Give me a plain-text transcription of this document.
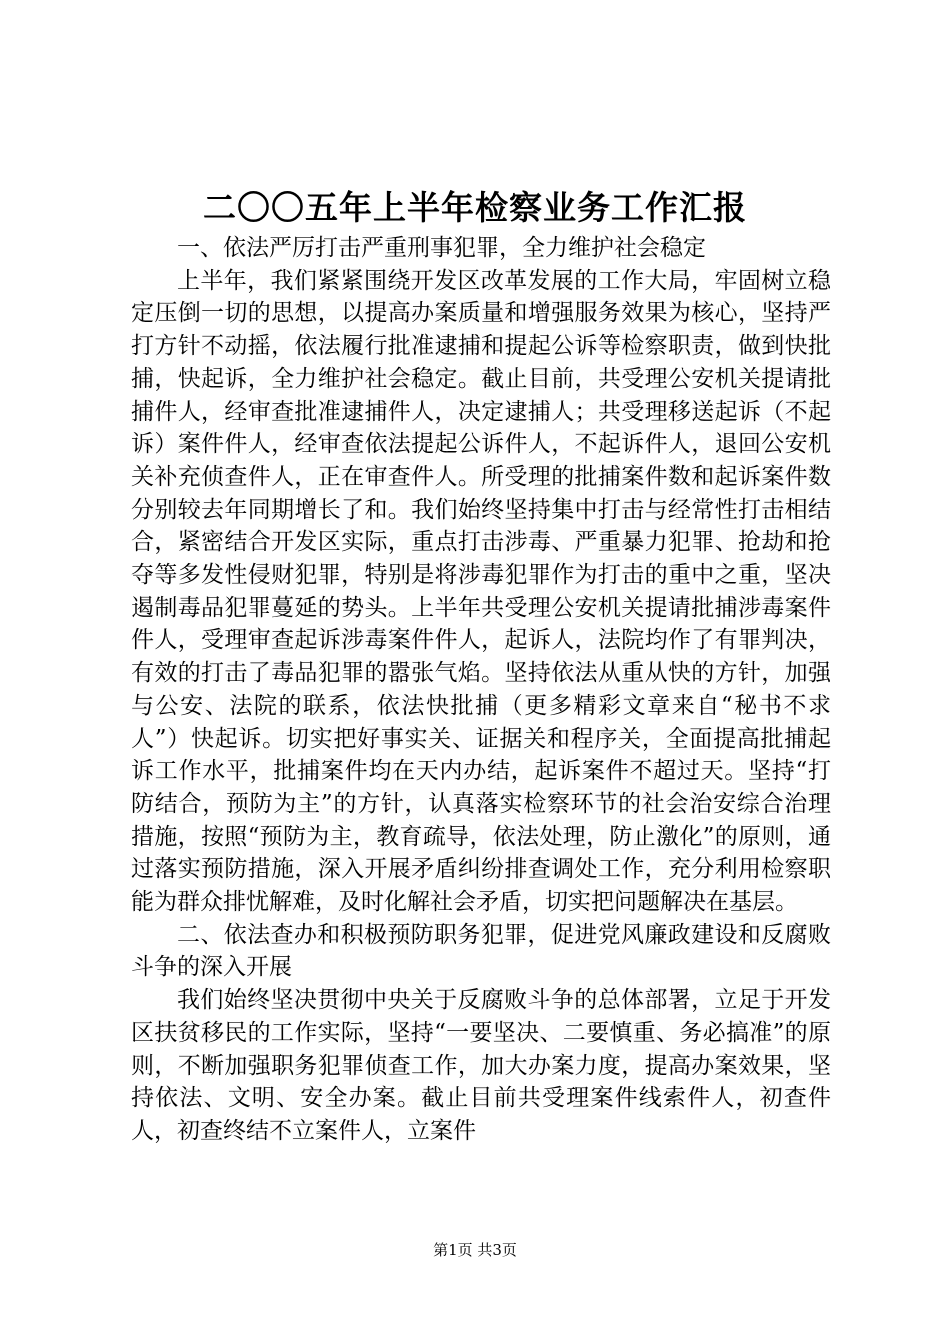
二〇〇五年上半年检察业务工作汇报

一、依法严厉打击严重刑事犯罪，全力维护社会稳定

上半年，我们紧紧围绕开发区改革发展的工作大局，牢固树立稳定压倒一切的思想，以提高办案质量和增强服务效果为核心，坚持严打方针不动摇，依法履行批准逮捕和提起公诉等检察职责，做到快批捕，快起诉，全力维护社会稳定。截止目前，共受理公安机关提请批捕件人，经审查批准逮捕件人，决定逮捕人；共受理移送起诉（不起诉）案件件人，经审查依法提起公诉件人，不起诉件人，退回公安机关补充侦查件人，正在审查件人。所受理的批捕案件数和起诉案件数分别较去年同期增长了和。我们始终坚持集中打击与经常性打击相结合，紧密结合开发区实际，重点打击涉毒、严重暴力犯罪、抢劫和抢夺等多发性侵财犯罪，特别是将涉毒犯罪作为打击的重中之重，坚决遏制毒品犯罪蔓延的势头。上半年共受理公安机关提请批捕涉毒案件件人，受理审查起诉涉毒案件件人，起诉人，法院均作了有罪判决，有效的打击了毒品犯罪的嚣张气焰。坚持依法从重从快的方针，加强与公安、法院的联系，依法快批捕（更多精彩文章来自“秘书不求人”）快起诉。切实把好事实关、证据关和程序关，全面提高批捕起诉工作水平，批捕案件均在天内办结，起诉案件不超过天。坚持“打防结合，预防为主”的方针，认真落实检察环节的社会治安综合治理措施，按照“预防为主，教育疏导，依法处理，防止激化”的原则，通过落实预防措施，深入开展矛盾纠纷排查调处工作，充分利用检察职能为群众排忧解难，及时化解社会矛盾，切实把问题解决在基层。

二、依法查办和积极预防职务犯罪，促进党风廉政建设和反腐败斗争的深入开展

我们始终坚决贯彻中央关于反腐败斗争的总体部署，立足于开发区扶贫移民的工作实际，坚持“一要坚决、二要慎重、务必搞准”的原则，不断加强职务犯罪侦查工作，加大办案力度，提高办案效果，坚持依法、文明、安全办案。截止目前共受理案件线索件人，初查件人，初查终结不立案件人，立案件

第1页 共3页
